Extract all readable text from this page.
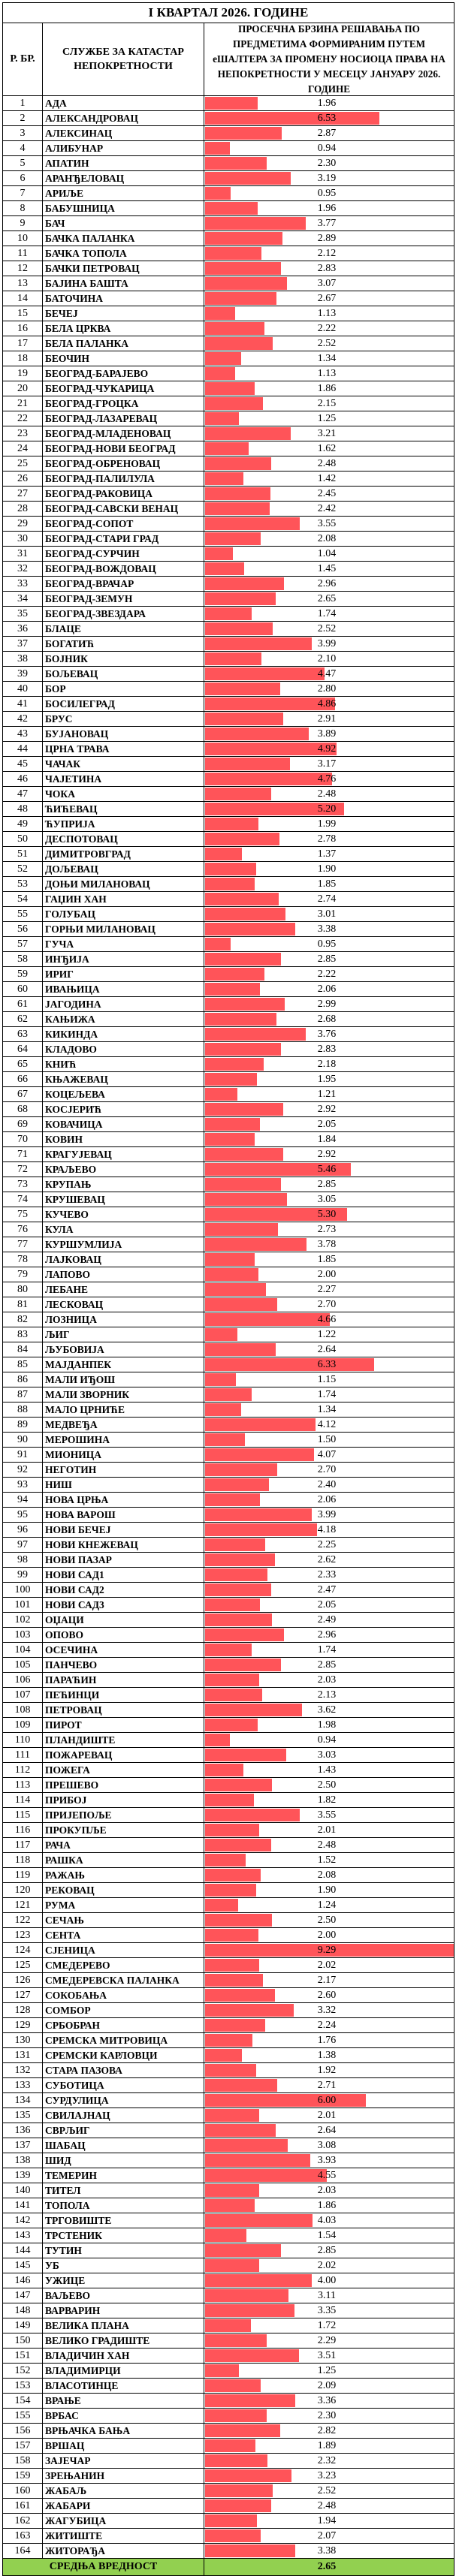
I КВАРТАЛ 2026. ГОДИНЕ
Р. БР.
СЛУЖБЕ ЗА КАТАСТАР НЕПОКРЕТНОСТИ
ПРОСЕЧНА БРЗИНА РЕШАВАЊА ПО ПРЕДМЕТИМА ФОРМИРАНИМ ПУТЕМ еШАЛТЕРА ЗА ПРОМЕНУ НОСИОЦА ПРАВА НА НЕПОКРЕТНОСТИ У МЕСЕЦУ ЈАНУАРУ 2026. ГОДИНЕ
1	АДА	1.96
2	АЛЕКСАНДРОВАЦ	6.53
3	АЛЕКСИНАЦ	2.87
4	АЛИБУНАР	0.94
5	АПАТИН	2.30
6	АРАНЂЕЛОВАЦ	3.19
7	АРИЉЕ	0.95
8	БАБУШНИЦА	1.96
9	БАЧ	3.77
10	БАЧКА ПАЛАНКА	2.89
11	БАЧКА ТОПОЛА	2.12
12	БАЧКИ ПЕТРОВАЦ	2.83
13	БАЈИНА БАШТА	3.07
14	БАТОЧИНА	2.67
15	БЕЧЕЈ	1.13
16	БЕЛА ЦРКВА	2.22
17	БЕЛА ПАЛАНКА	2.52
18	БЕОЧИН	1.34
19	БЕОГРАД-БАРАЈЕВО	1.13
20	БЕОГРАД-ЧУКАРИЦА	1.86
21	БЕОГРАД-ГРОЦКА	2.15
22	БЕОГРАД-ЛАЗАРЕВАЦ	1.25
23	БЕОГРАД-МЛАДЕНОВАЦ	3.21
24	БЕОГРАД-НОВИ БЕОГРАД	1.62
25	БЕОГРАД-ОБРЕНОВАЦ	2.48
26	БЕОГРАД-ПАЛИЛУЛА	1.42
27	БЕОГРАД-РАКОВИЦА	2.45
28	БЕОГРАД-САВСКИ ВЕНАЦ	2.42
29	БЕОГРАД-СОПОТ	3.55
30	БЕОГРАД-СТАРИ ГРАД	2.08
31	БЕОГРАД-СУРЧИН	1.04
32	БЕОГРАД-ВОЖДОВАЦ	1.45
33	БЕОГРАД-ВРАЧАР	2.96
34	БЕОГРАД-ЗЕМУН	2.65
35	БЕОГРАД-ЗВЕЗДАРА	1.74
36	БЛАЦЕ	2.52
37	БОГАТИЋ	3.99
38	БОЈНИК	2.10
39	БОЉЕВАЦ	4.47
40	БОР	2.80
41	БОСИЛЕГРАД	4.86
42	БРУС	2.91
43	БУЈАНОВАЦ	3.89
44	ЦРНА ТРАВА	4.92
45	ЧАЧАК	3.17
46	ЧАЈЕТИНА	4.76
47	ЧОКА	2.48
48	ЋИЋЕВАЦ	5.20
49	ЋУПРИЈА	1.99
50	ДЕСПОТОВАЦ	2.78
51	ДИМИТРОВГРАД	1.37
52	ДОЉЕВАЦ	1.90
53	ДОЊИ МИЛАНОВАЦ	1.85
54	ГАЏИН ХАН	2.74
55	ГОЛУБАЦ	3.01
56	ГОРЊИ МИЛАНОВАЦ	3.38
57	ГУЧА	0.95
58	ИНЂИЈА	2.85
59	ИРИГ	2.22
60	ИВАЊИЦА	2.06
61	ЈАГОДИНА	2.99
62	КАЊИЖА	2.68
63	КИКИНДА	3.76
64	КЛАДОВО	2.83
65	КНИЋ	2.18
66	КЊАЖЕВАЦ	1.95
67	КОЦЕЉЕВА	1.21
68	КОСЈЕРИЋ	2.92
69	КОВАЧИЦА	2.05
70	КОВИН	1.84
71	КРАГУЈЕВАЦ	2.92
72	КРАЉЕВО	5.46
73	КРУПАЊ	2.85
74	КРУШЕВАЦ	3.05
75	КУЧЕВО	5.30
76	КУЛА	2.73
77	КУРШУМЛИЈА	3.78
78	ЛАЈКОВАЦ	1.85
79	ЛАПОВО	2.00
80	ЛЕБАНЕ	2.27
81	ЛЕСКОВАЦ	2.70
82	ЛОЗНИЦА	4.66
83	ЉИГ	1.22
84	ЉУБОВИЈА	2.64
85	МАЈДАНПЕК	6.33
86	МАЛИ ИЂОШ	1.15
87	МАЛИ ЗВОРНИК	1.74
88	МАЛО ЦРНИЋЕ	1.34
89	МЕДВЕЂА	4.12
90	МЕРОШИНА	1.50
91	МИОНИЦА	4.07
92	НЕГОТИН	2.70
93	НИШ	2.40
94	НОВА ЦРЊА	2.06
95	НОВА ВАРОШ	3.99
96	НОВИ БЕЧЕЈ	4.18
97	НОВИ КНЕЖЕВАЦ	2.25
98	НОВИ ПАЗАР	2.62
99	НОВИ САД1	2.33
100	НОВИ САД2	2.47
101	НОВИ САД3	2.05
102	ОЏАЦИ	2.49
103	ОПОВО	2.96
104	ОСЕЧИНА	1.74
105	ПАНЧЕВО	2.85
106	ПАРАЋИН	2.03
107	ПЕЋИНЦИ	2.13
108	ПЕТРОВАЦ	3.62
109	ПИРОТ	1.98
110	ПЛАНДИШТЕ	0.94
111	ПОЖАРЕВАЦ	3.03
112	ПОЖЕГА	1.43
113	ПРЕШЕВО	2.50
114	ПРИБОЈ	1.82
115	ПРИЈЕПОЉЕ	3.55
116	ПРОКУПЉЕ	2.01
117	РАЧА	2.48
118	РАШКА	1.52
119	РАЖАЊ	2.08
120	РЕКОВАЦ	1.90
121	РУМА	1.24
122	СЕЧАЊ	2.50
123	СЕНТА	2.00
124	СЈЕНИЦА	9.29
125	СМЕДЕРЕВО	2.02
126	СМЕДЕРЕВСКА ПАЛАНКА	2.17
127	СОКОБАЊА	2.60
128	СОМБОР	3.32
129	СРБОБРАН	2.24
130	СРЕМСКА МИТРОВИЦА	1.76
131	СРЕМСКИ КАРЛОВЦИ	1.38
132	СТАРА ПАЗОВА	1.92
133	СУБОТИЦА	2.71
134	СУРДУЛИЦА	6.00
135	СВИЛАЈНАЦ	2.01
136	СВРЉИГ	2.64
137	ШАБАЦ	3.08
138	ШИД	3.93
139	ТЕМЕРИН	4.55
140	ТИТЕЛ	2.03
141	ТОПОЛА	1.86
142	ТРГОВИШТЕ	4.03
143	ТРСТЕНИК	1.54
144	ТУТИН	2.85
145	УБ	2.02
146	УЖИЦЕ	4.00
147	ВАЉЕВО	3.11
148	ВАРВАРИН	3.35
149	ВЕЛИКА ПЛАНА	1.72
150	ВЕЛИКО ГРАДИШТЕ	2.29
151	ВЛАДИЧИН ХАН	3.51
152	ВЛАДИМИРЦИ	1.25
153	ВЛАСОТИНЦЕ	2.09
154	ВРАЊЕ	3.36
155	ВРБАС	2.30
156	ВРЊАЧКА БАЊА	2.82
157	ВРШАЦ	1.89
158	ЗАЈЕЧАР	2.32
159	ЗРЕЊАНИН	3.23
160	ЖАБАЉ	2.52
161	ЖАБАРИ	2.48
162	ЖАГУБИЦА	1.94
163	ЖИТИШТЕ	2.07
164	ЖИТОРАЂА	3.38
СРЕДЊА ВРЕДНОСТ	2.65
